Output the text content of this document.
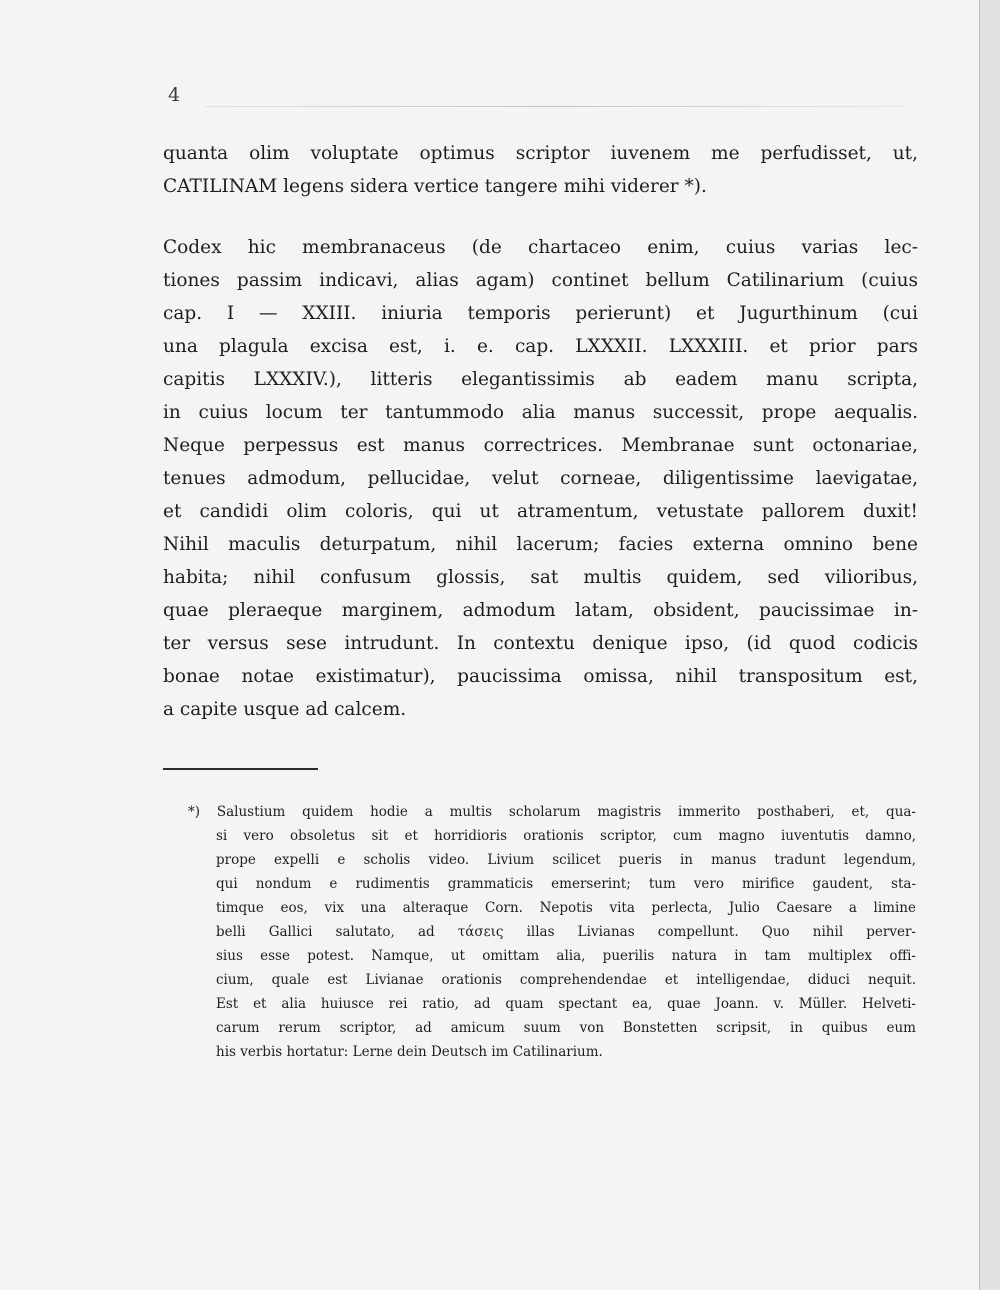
4
quanta olim voluptate optimus scriptor iuvenem me perfudisset, ut,
CATILINAM legens sidera vertice tangere mihi viderer *).
Codex hic membranaceus (de chartaceo enim, cuius varias lec-
tiones passim indicavi, alias agam) continet bellum Catilinarium (cuius
cap. I — XXIII. iniuria temporis perierunt) et Jugurthinum (cui
una plagula excisa est, i. e. cap. LXXXII. LXXXIII. et prior pars
capitis LXXXIV.), litteris elegantissimis ab eadem manu scripta,
in cuius locum ter tantummodo alia manus successit, prope aequalis.
Neque perpessus est manus correctrices. Membranae sunt octonariae,
tenues admodum, pellucidae, velut corneae, diligentissime laevigatae,
et candidi olim coloris, qui ut atramentum, vetustate pallorem duxit!
Nihil maculis deturpatum, nihil lacerum; facies externa omnino bene
habita; nihil confusum glossis, sat multis quidem, sed vilioribus,
quae pleraeque marginem, admodum latam, obsident, paucissimae in-
ter versus sese intrudunt. In contextu denique ipso, (id quod codicis
bonae notae existimatur), paucissima omissa, nihil transpositum est,
a capite usque ad calcem.
*) Salustium quidem hodie a multis scholarum magistris immerito posthaberi, et, qua-
si vero obsoletus sit et horridioris orationis scriptor, cum magno iuventutis damno,
prope expelli e scholis video. Livium scilicet pueris in manus tradunt legendum,
qui nondum e rudimentis grammaticis emerserint; tum vero mirifice gaudent, sta-
timque eos, vix una alteraque Corn. Nepotis vita perlecta, Julio Caesare a limine
belli Gallici salutato, ad τάσεις illas Livianas compellunt. Quo nihil perver-
sius esse potest. Namque, ut omittam alia, puerilis natura in tam multiplex offi-
cium, quale est Livianae orationis comprehendendae et intelligendae, diduci nequit.
Est et alia huiusce rei ratio, ad quam spectant ea, quae Joann. v. Müller. Helveti-
carum rerum scriptor, ad amicum suum von Bonstetten scripsit, in quibus eum
his verbis hortatur: Lerne dein Deutsch im Catilinarium.
